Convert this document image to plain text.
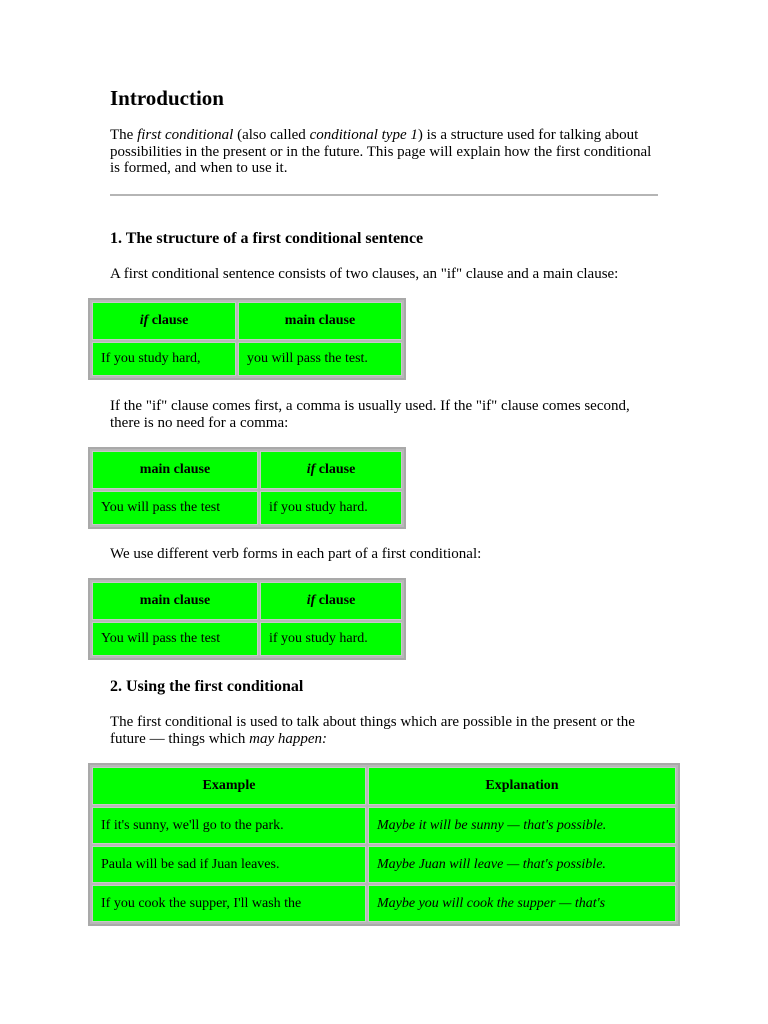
Introduction

The first conditional (also called conditional type 1) is a structure used for talking about possibilities in the present or in the future. This page will explain how the first conditional is formed, and when to use it.

1. The structure of a first conditional sentence

A first conditional sentence consists of two clauses, an "if" clause and a main clause:

if clause	main clause
If you study hard,	you will pass the test.

If the "if" clause comes first, a comma is usually used. If the "if" clause comes second, there is no need for a comma:

main clause	if clause
You will pass the test	if you study hard.

We use different verb forms in each part of a first conditional:

main clause	if clause
You will pass the test	if you study hard.
2. Using the first conditional

The first conditional is used to talk about things which are possible in the present or the future — things which may happen:

Example	Explanation
If it's sunny, we'll go to the park.	Maybe it will be sunny — that's possible.
Paula will be sad if Juan leaves.	Maybe Juan will leave — that's possible.
If you cook the supper, I'll wash the	Maybe you will cook the supper — that's
